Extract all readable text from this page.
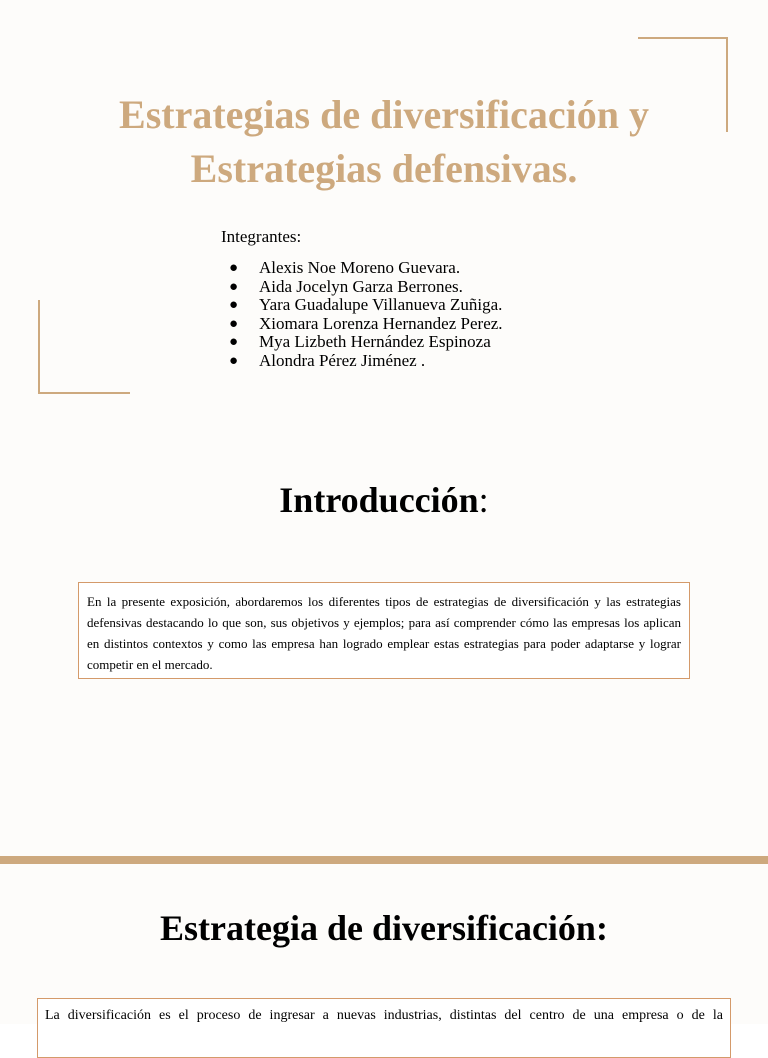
Estrategias de diversificación y
Estrategias defensivas.
Integrantes:
● Alexis Noe Moreno Guevara.
● Aida Jocelyn Garza Berrones.
● Yara Guadalupe Villanueva Zuñiga.
● Xiomara Lorenza Hernandez Perez.
● Mya Lizbeth Hernández Espinoza
● Alondra Pérez Jiménez .
Introducción:
En la presente exposición, abordaremos los diferentes tipos de estrategias de diversificación y las estrategias defensivas destacando lo que son, sus objetivos y ejemplos; para así comprender cómo las empresas los aplican en distintos contextos y como las empresa han logrado emplear estas estrategias para poder adaptarse y lograr competir en el mercado.
Estrategia de diversificación:
La diversificación es el proceso de ingresar a nuevas industrias, distintas del centro de una empresa o de la
